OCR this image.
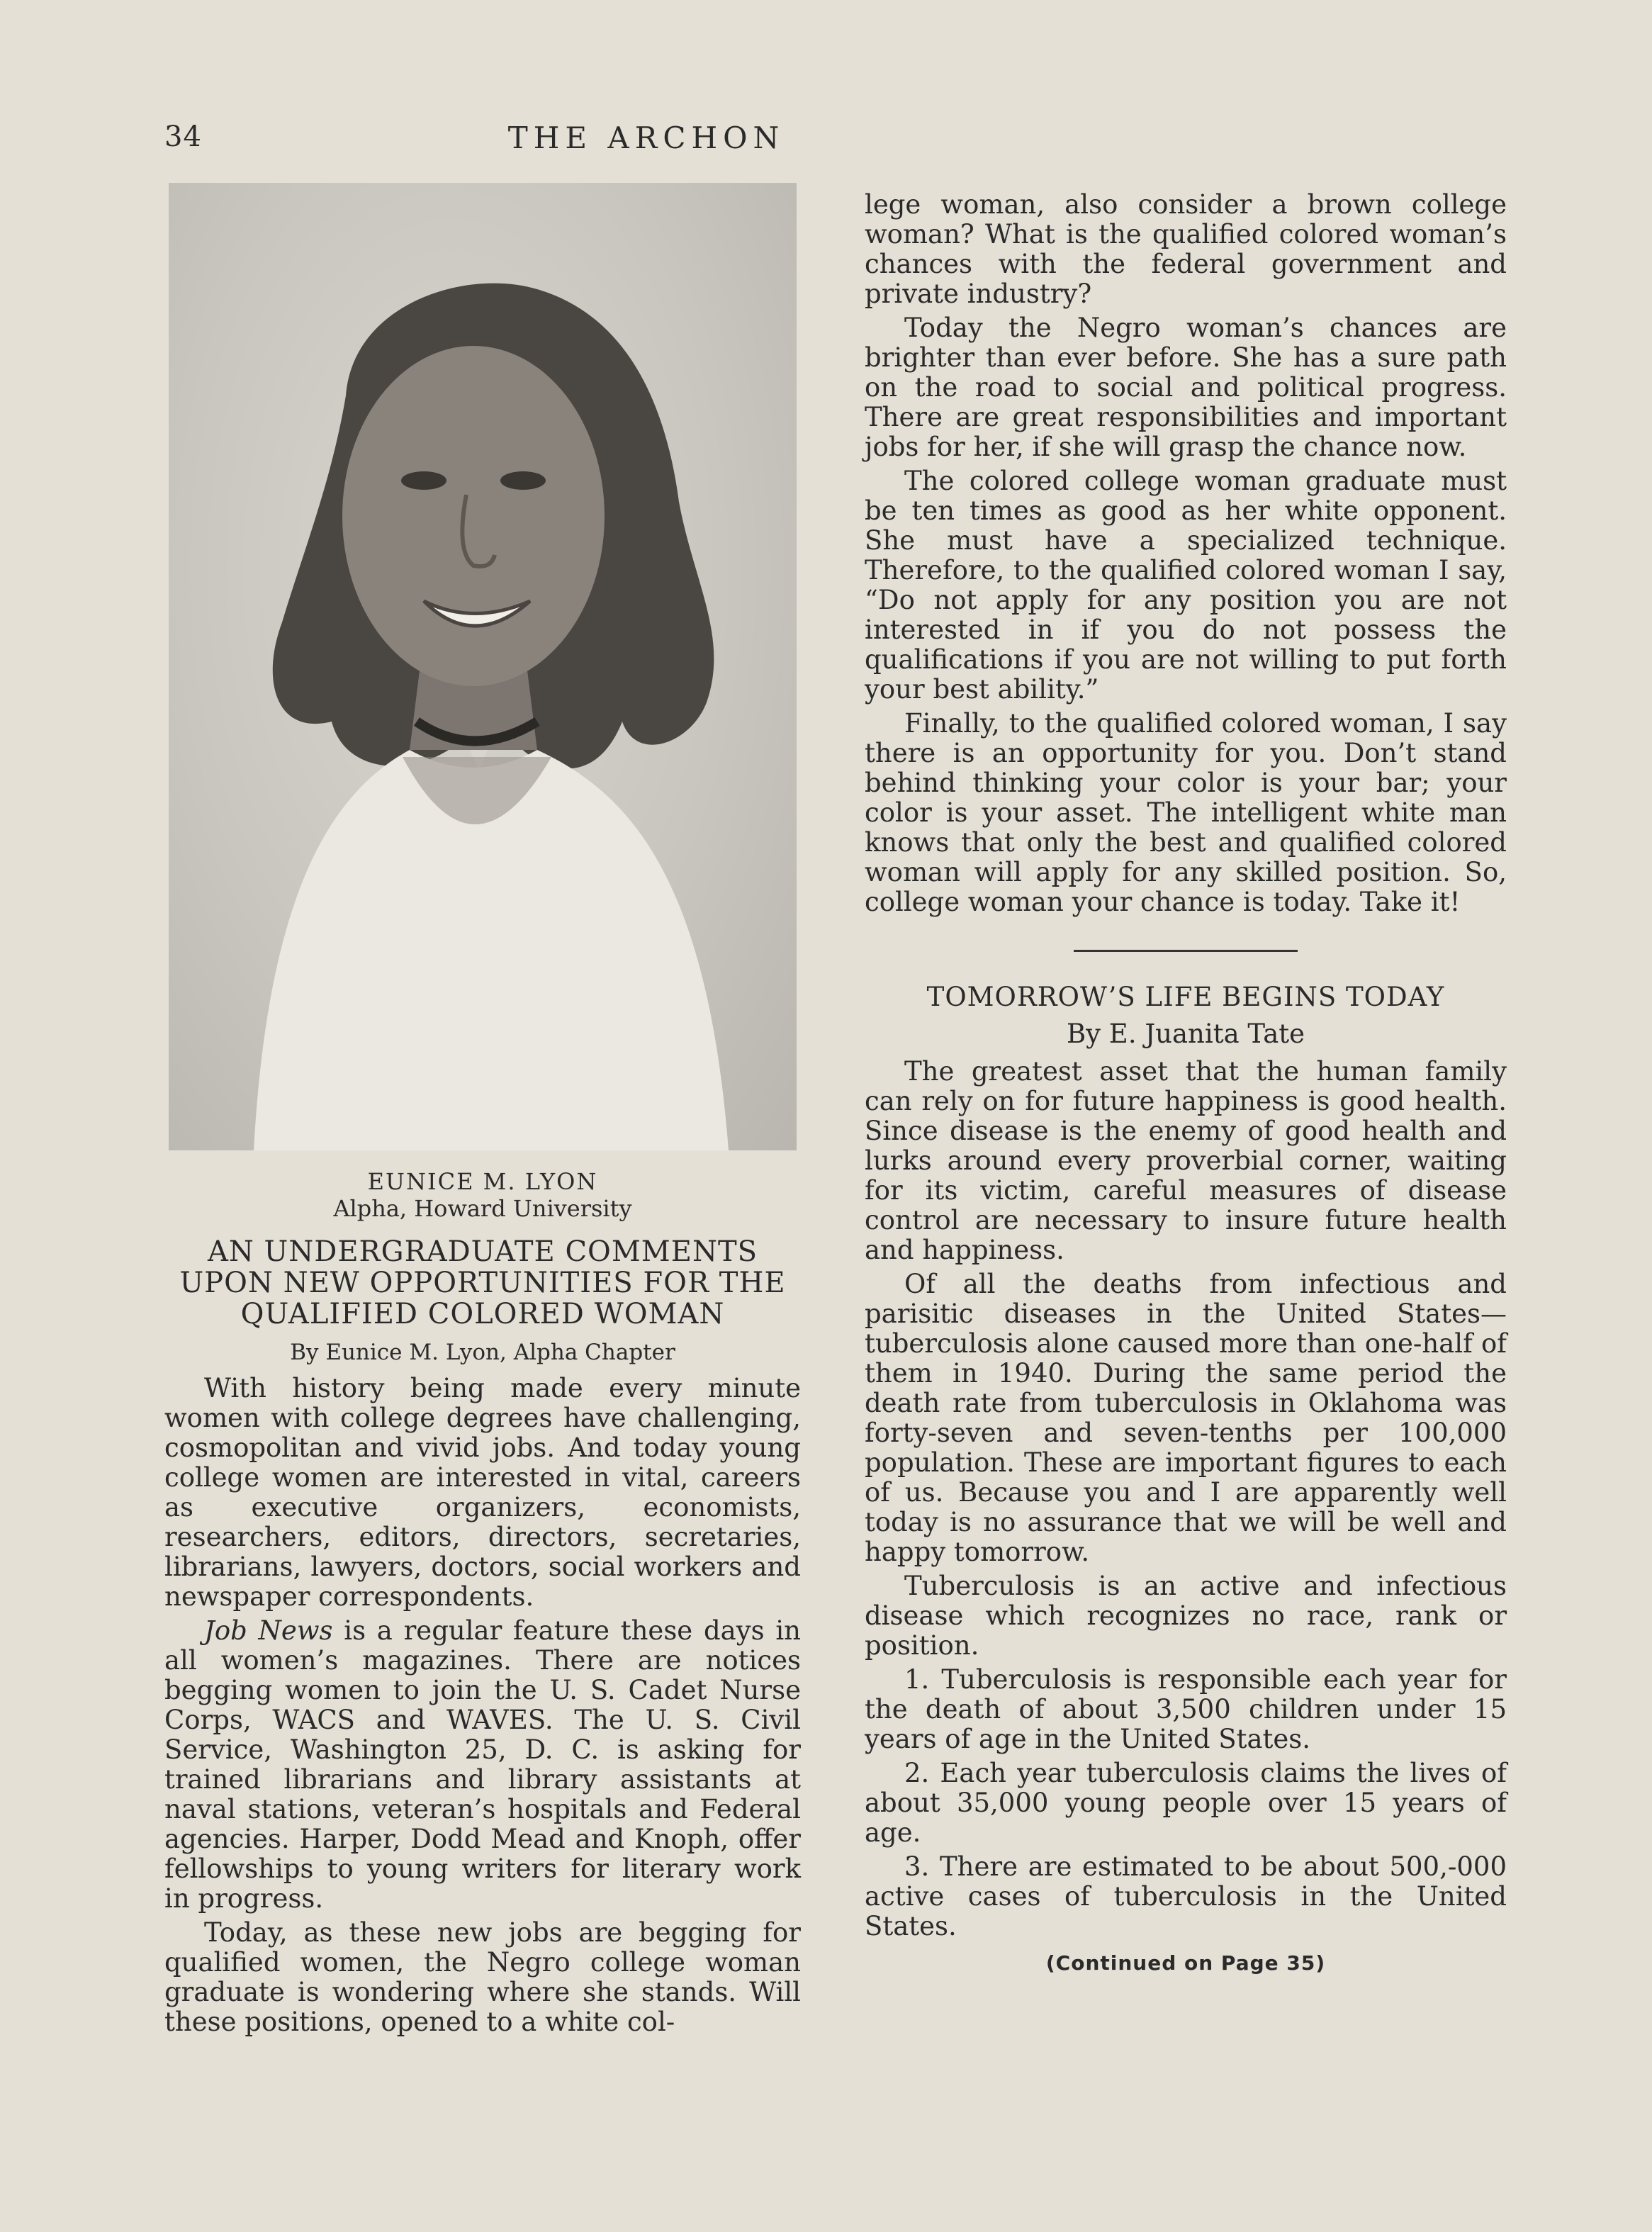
34	THE ARCHON
EUNICE M. LYON
Alpha, Howard University
AN UNDERGRADUATE COMMENTS
UPON NEW OPPORTUNITIES FOR THE
QUALIFIED COLORED WOMAN
By Eunice M. Lyon, Alpha Chapter

With history being made every minute women with college degrees have challenging, cosmopolitan and vivid jobs. And today young college women are interested in vital, careers as executive organizers, economists, researchers, editors, directors, secretaries, librarians, lawyers, doctors, social workers and newspaper correspondents.

Job News is a regular feature these days in all women’s magazines. There are notices begging women to join the U. S. Cadet Nurse Corps, WACS and WAVES. The U. S. Civil Service, Washington 25, D. C. is asking for trained librarians and library assistants at naval stations, veteran’s hospitals and Federal agencies. Harper, Dodd Mead and Knoph, offer fellowships to young writers for literary work in progress.

Today, as these new jobs are begging for qualified women, the Negro college woman graduate is wondering where she stands. Will these positions, opened to a white col-

lege woman, also consider a brown college woman? What is the qualified colored woman’s chances with the federal government and private industry?

Today the Negro woman’s chances are brighter than ever before. She has a sure path on the road to social and political progress. There are great responsibilities and important jobs for her, if she will grasp the chance now.

The colored college woman graduate must be ten times as good as her white opponent. She must have a specialized technique. Therefore, to the qualified colored woman I say, “Do not apply for any position you are not interested in if you do not possess the qualifications if you are not willing to put forth your best ability.”

Finally, to the qualified colored woman, I say there is an opportunity for you. Don’t stand behind thinking your color is your bar; your color is your asset. The intelligent white man knows that only the best and qualified colored woman will apply for any skilled position. So, college woman your chance is today. Take it!

TOMORROW’S LIFE BEGINS TODAY

By E. Juanita Tate

The greatest asset that the human family can rely on for future happiness is good health. Since disease is the enemy of good health and lurks around every proverbial corner, waiting for its victim, careful measures of disease control are necessary to insure future health and happiness.

Of all the deaths from infectious and parisitic diseases in the United States—tuberculosis alone caused more than one-half of them in 1940. During the same period the death rate from tuberculosis in Oklahoma was forty-seven and seven-tenths per 100,000 population. These are important figures to each of us. Because you and I are apparently well today is no assurance that we will be well and happy tomorrow.

Tuberculosis is an active and infectious disease which recognizes no race, rank or position.

1. Tuberculosis is responsible each year for the death of about 3,500 children under 15 years of age in the United States.

2. Each year tuberculosis claims the lives of about 35,000 young people over 15 years of age.

3. There are estimated to be about 500,-000 active cases of tuberculosis in the United States.

(Continued on Page 35)
